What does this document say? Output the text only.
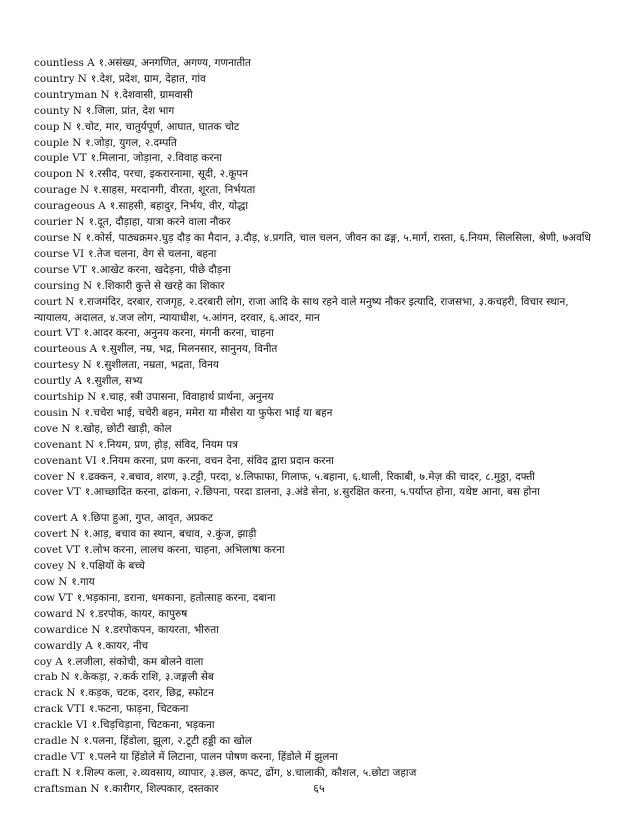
countless A १.असंख्य, अनगणित, अगण्य, गणनातीत
country N १.देश, प्रदेश, ग्राम, देहात, गांव
countryman N १.देशवासी, ग्रामवासी
county N १.जिला, प्रांत, देश भाग
coup N १.चोट, मार, चातुर्यपूर्ण, आघात, घातक चोट
couple N १.जोड़ा, युगल, २.दम्पति
couple VT १.मिलाना, जोड़ाना, २.विवाह करना
coupon N १.रसीद, परचा, इकरारनामा, सूदी, २.कूपन
courage N १.साहस, मरदानगी, वीरता, शूरता, निर्भयता
courageous A १.साहसी, बहादुर, निर्भय, वीर, योद्धा
courier N १.दूत, दौड़ाहा, यात्रा करने वाला नौकर
course N १.कोर्स, पाठ्यक्रम२.घुड़ दौड़ का मैदान, ३.दौड़, ४.प्रगति, चाल चलन, जीवन का ढङ्ग, ५.मार्ग, रास्ता, ६.नियम, सिलसिला, श्रेणी, ७अवधि
course VI १.तेज चलना, वेग से चलना, बहना
course VT १.आखेट करना, खदेड़ना, पीछे दौड़ना
coursing N १.शिकारी कुत्ते से खरहे का शिकार
court N १.राजमंदिर, दरबार, राजगृह, २.दरबारी लोग, राजा आदि के साथ रहने वाले मनुष्य नौकर इत्यादि, राजसभा, ३.कचहरी, विचार स्थान, न्यायालय, अदालत, ४.जज लोग, न्यायाधीश, ५.आंगन, दरवार, ६.आदर, मान
court VT १.आदर करना, अनुनय करना, मंगनी करना, चाहना
courteous A १.सुशील, नम्र, भद्र, मिलनसार, सानुनय, विनीत
courtesy N १.सुशीलता, नम्रता, भद्रता, विनय
courtly A १.सुशील, सभ्य
courtship N १.चाह, स्त्री उपासना, विवाहार्थ प्रार्थना, अनुनय
cousin N १.चचेरा भाई, चचेरी बहन, ममेरा या मौसेरा या फुफेरा भाई या बहन
cove N १.खोह, छोटी खाड़ी, कोल
covenant N १.नियम, प्रण, होड़, संविद, नियम पत्र
covenant VI १.नियम करना, प्रण करना, वचन देना, संविद द्वारा प्रदान करना
cover N १.ढक्कन, २.बचाव, शरण, ३.टट्टी, परदा, ४.लिफाफा, गिलाफ, ५.बहाना, ६.थाली, रिकाबी, ७.मेज़ की चादर, ८.मुठ्ठा, दफ्ती
cover VT १.आच्छादित करना, ढांकना, २.छिपना, परदा डालना, ३.अंडे सेना, ४.सुरक्षित करना, ५.पर्याप्त होना, यथेष्ट आना, बस होना
covert A १.छिपा हुआ, गुप्त, आवृत, अप्रकट
covert N १.आड़, बचाव का स्थान, बचाव, २.कुंज, झाड़ी
covet VT १.लोभ करना, लालच करना, चाहना, अभिलाषा करना
covey N १.पक्षियों के बच्चे
cow N १.गाय
cow VT १.भड़काना, डराना, धमकाना, हतोत्साह करना, दबाना
coward N १.डरपोक, कायर, कापुरुष
cowardice N १.डरपोकपन, कायरता, भीरुता
cowardly A १.कायर, नीच
coy A १.लजीला, संकोची, कम बोलने वाला
crab N १.केकड़ा, २.कर्क राशि, ३.जङ्गली सेब
crack N १.कड़क, चटक, दरार, छिद्र, स्फोटन
crack VTI १.फटना, फाड़ना, चिटकना
crackle VI १.चिड़चिड़ाना, चिटकना, भड़कना
cradle N १.पलना, हिंडोला, झूला, २.टूटी हड्डी का खोल
cradle VT १.पलने या हिंडोले में लिटाना, पालन पोषण करना, हिंडोले में झुलना
craft N १.शिल्प कला, २.व्यवसाय, व्यापार, ३.छल, कपट, ढोंग, ४.चालाकी, कौशल, ५.छोटा जहाज
craftsman N १.कारीगर, शिल्पकार, दस्तकार	६५
